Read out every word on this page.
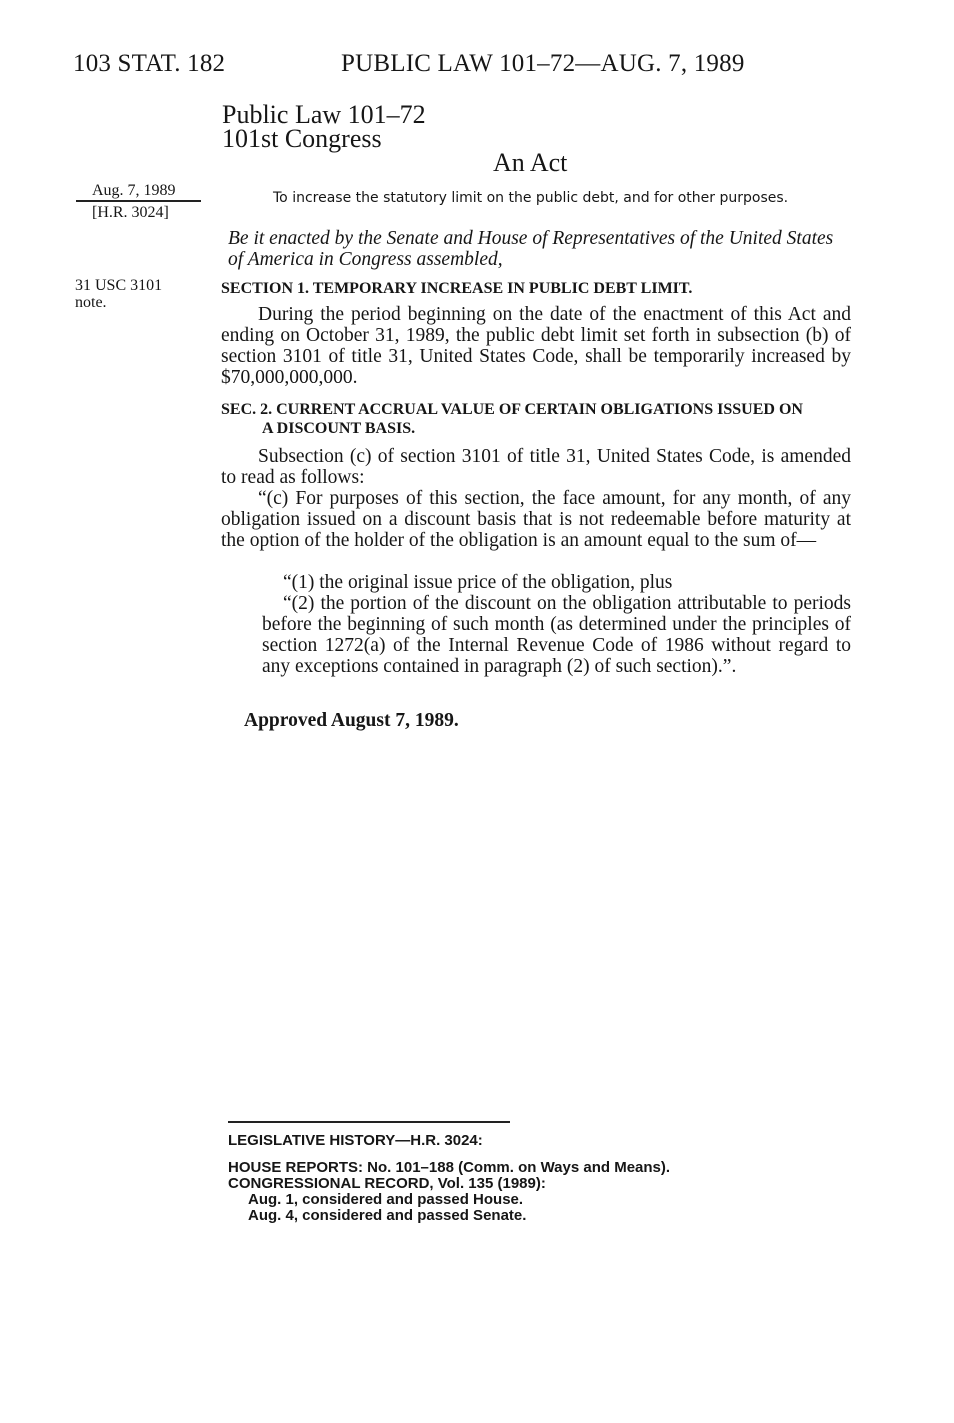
103 STAT. 182	PUBLIC LAW 101–72—AUG. 7, 1989
Public Law 101–72
101st Congress
An Act
Aug. 7, 1989
[H.R. 3024]
31 USC 3101
note.
To increase the statutory limit on the public debt, and for other purposes.
Be it enacted by the Senate and House of Representatives of the United States of America in Congress assembled,
SECTION 1. TEMPORARY INCREASE IN PUBLIC DEBT LIMIT.
During the period beginning on the date of the enactment of this Act and ending on October 31, 1989, the public debt limit set forth in subsection (b) of section 3101 of title 31, United States Code, shall be temporarily increased by $70,000,000,000.
SEC. 2. CURRENT ACCRUAL VALUE OF CERTAIN OBLIGATIONS ISSUED ON
A DISCOUNT BASIS.
Subsection (c) of section 3101 of title 31, United States Code, is amended to read as follows:
“(c) For purposes of this section, the face amount, for any month, of any obligation issued on a discount basis that is not redeemable before maturity at the option of the holder of the obligation is an amount equal to the sum of—
“(1) the original issue price of the obligation, plus
“(2) the portion of the discount on the obligation attributable to periods before the beginning of such month (as determined under the principles of section 1272(a) of the Internal Revenue Code of 1986 without regard to any exceptions contained in paragraph (2) of such section).”.
Approved August 7, 1989.
LEGISLATIVE HISTORY—H.R. 3024:
HOUSE REPORTS: No. 101–188 (Comm. on Ways and Means).
CONGRESSIONAL RECORD, Vol. 135 (1989):
Aug. 1, considered and passed House.
Aug. 4, considered and passed Senate.
